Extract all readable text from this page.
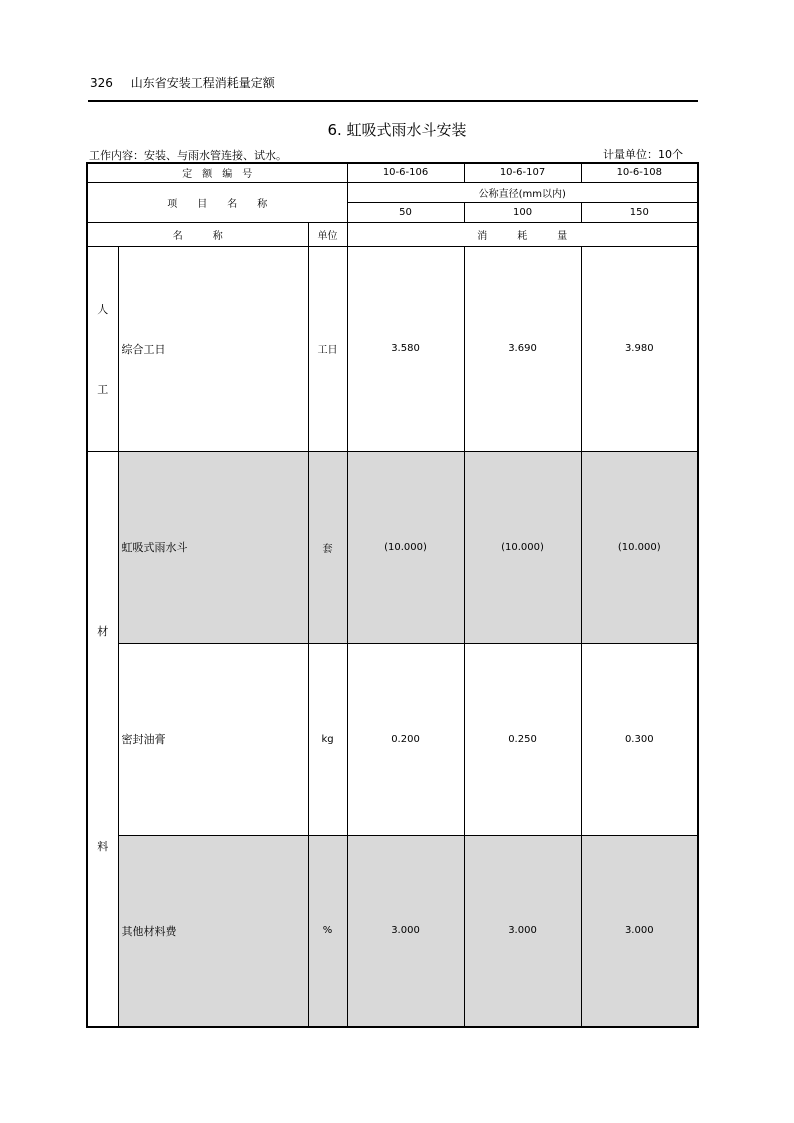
326 山东省安装工程消耗量定额
6. 虹吸式雨水斗安装
工作内容：安装、与雨水管连接、试水。	计量单位：10个
定　额　编　号			10-6-106	10-6-107	10-6-108
项　　目　　名　　称			公称直径(mm以内)		
			50	100	150
名　　　称		单位	消　　　耗　　　量		

人
工	综合工日	工日	3.580	3.690	3.980

材
料	虹吸式雨水斗	套	(10.000)	(10.000)	(10.000)
	密封油膏	kg	0.200	0.250	0.300
	其他材料费	%	3.000	3.000	3.000
